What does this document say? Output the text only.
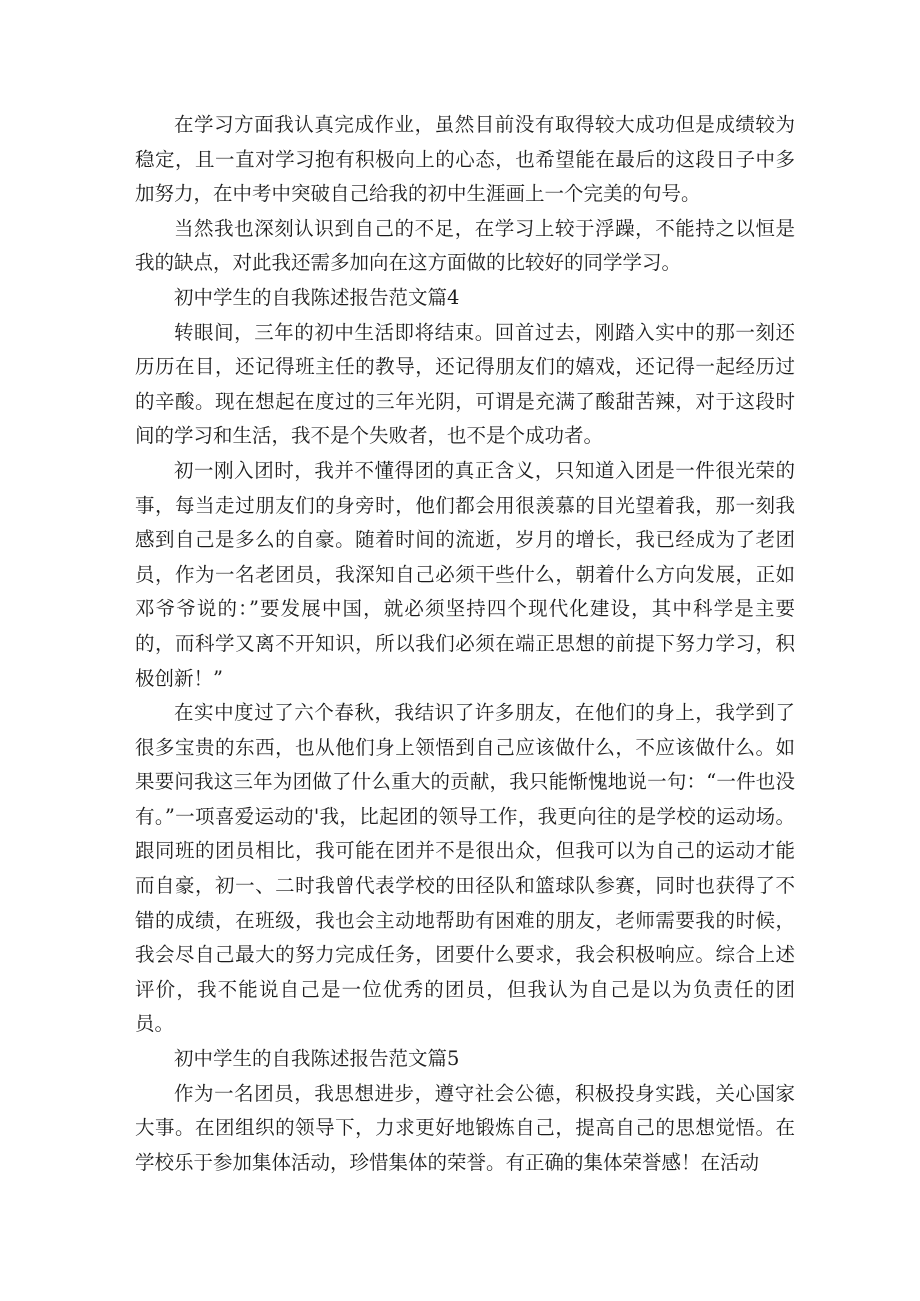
在学习方面我认真完成作业，虽然目前没有取得较大成功但是成绩较为稳定，且一直对学习抱有积极向上的心态，也希望能在最后的这段日子中多加努力，在中考中突破自己给我的初中生涯画上一个完美的句号。

当然我也深刻认识到自己的不足，在学习上较于浮躁，不能持之以恒是我的缺点，对此我还需多加向在这方面做的比较好的同学学习。

初中学生的自我陈述报告范文篇4

转眼间，三年的初中生活即将结束。回首过去，刚踏入实中的那一刻还历历在目，还记得班主任的教导，还记得朋友们的嬉戏，还记得一起经历过的辛酸。现在想起在度过的三年光阴，可谓是充满了酸甜苦辣，对于这段时间的学习和生活，我不是个失败者，也不是个成功者。

初一刚入团时，我并不懂得团的真正含义，只知道入团是一件很光荣的事，每当走过朋友们的身旁时，他们都会用很羡慕的目光望着我，那一刻我感到自己是多么的自豪。随着时间的流逝，岁月的增长，我已经成为了老团员，作为一名老团员，我深知自己必须干些什么，朝着什么方向发展，正如邓爷爷说的：”要发展中国，就必须坚持四个现代化建设，其中科学是主要的，而科学又离不开知识，所以我们必须在端正思想的前提下努力学习，积极创新！”

在实中度过了六个春秋，我结识了许多朋友，在他们的身上，我学到了很多宝贵的东西，也从他们身上领悟到自己应该做什么，不应该做什么。如果要问我这三年为团做了什么重大的贡献，我只能惭愧地说一句：“一件也没有。”一项喜爱运动的'我，比起团的领导工作，我更向往的是学校的运动场。跟同班的团员相比，我可能在团并不是很出众，但我可以为自己的运动才能而自豪，初一、二时我曾代表学校的田径队和篮球队参赛，同时也获得了不错的成绩，在班级，我也会主动地帮助有困难的朋友，老师需要我的时候，我会尽自己最大的努力完成任务，团要什么要求，我会积极响应。综合上述评价，我不能说自己是一位优秀的团员，但我认为自己是以为负责任的团员。

初中学生的自我陈述报告范文篇5

作为一名团员，我思想进步，遵守社会公德，积极投身实践，关心国家大事。在团组织的领导下，力求更好地锻炼自己，提高自己的思想觉悟。在学校乐于参加集体活动，珍惜集体的荣誉。有正确的集体荣誉感！在活动
